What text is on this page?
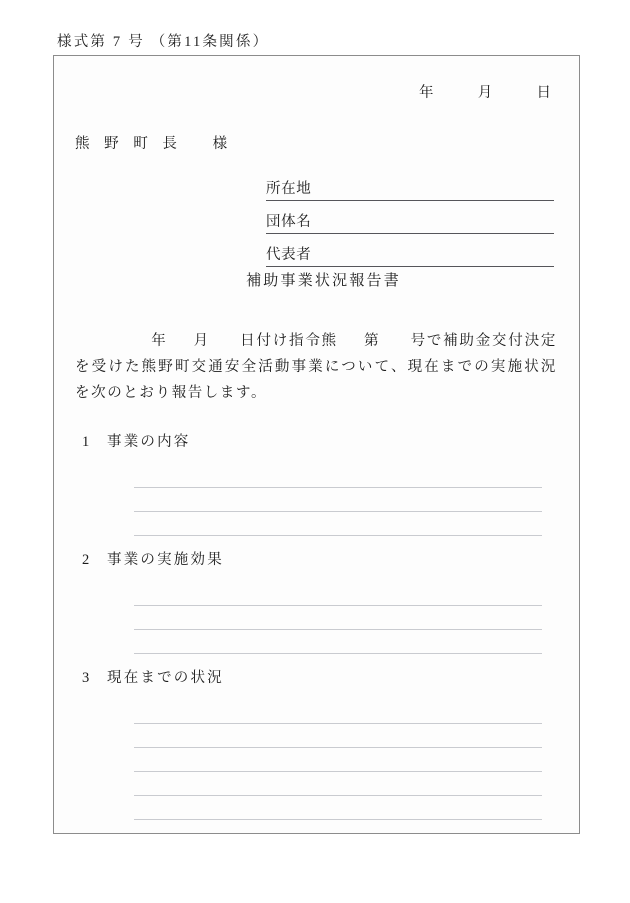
様式第 7 号 （第11条関係）
年	月	日
熊 野 町 長 様
所在地
団体名
代表者
補助事業状況報告書
年 月 日付け指令熊 第 号で補助金交付決定を受けた熊野町交通安全活動事業について、現在までの実施状況を次のとおり報告します。
1 事業の内容
2 事業の実施効果
3 現在までの状況
